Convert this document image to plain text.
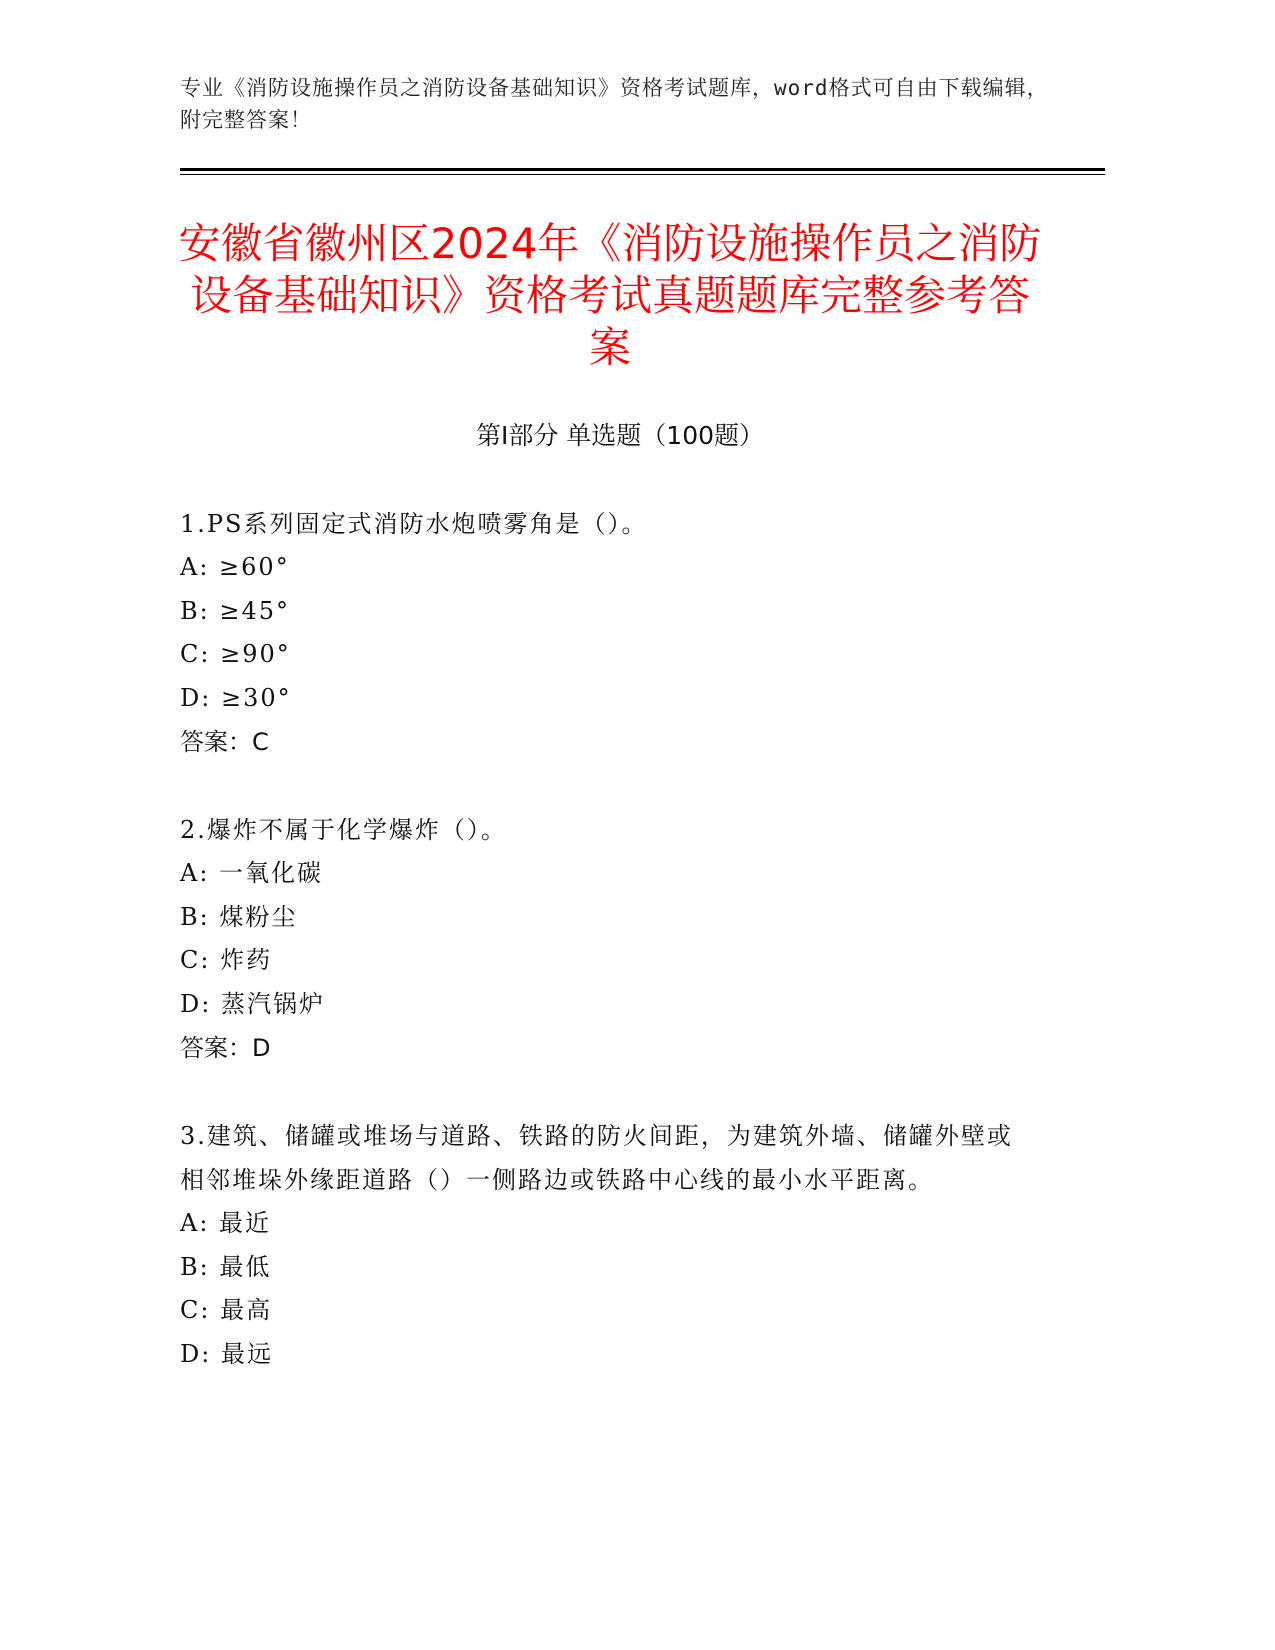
专业《消防设施操作员之消防设备基础知识》资格考试题库，word格式可自由下载编辑，附完整答案！
安徽省徽州区2024年《消防设施操作员之消防设备基础知识》资格考试真题题库完整参考答案
第I部分 单选题（100题）

1.PS系列固定式消防水炮喷雾角是（）。

A: ≥60°

B: ≥45°

C: ≥90°

D: ≥30°

答案：C

2.爆炸不属于化学爆炸（）。

A: 一氧化碳

B: 煤粉尘

C: 炸药

D: 蒸汽锅炉

答案：D

3.建筑、储罐或堆场与道路、铁路的防火间距，为建筑外墙、储罐外壁或相邻堆垛外缘距道路（）一侧路边或铁路中心线的最小水平距离。

A: 最近

B: 最低

C: 最高

D: 最远
